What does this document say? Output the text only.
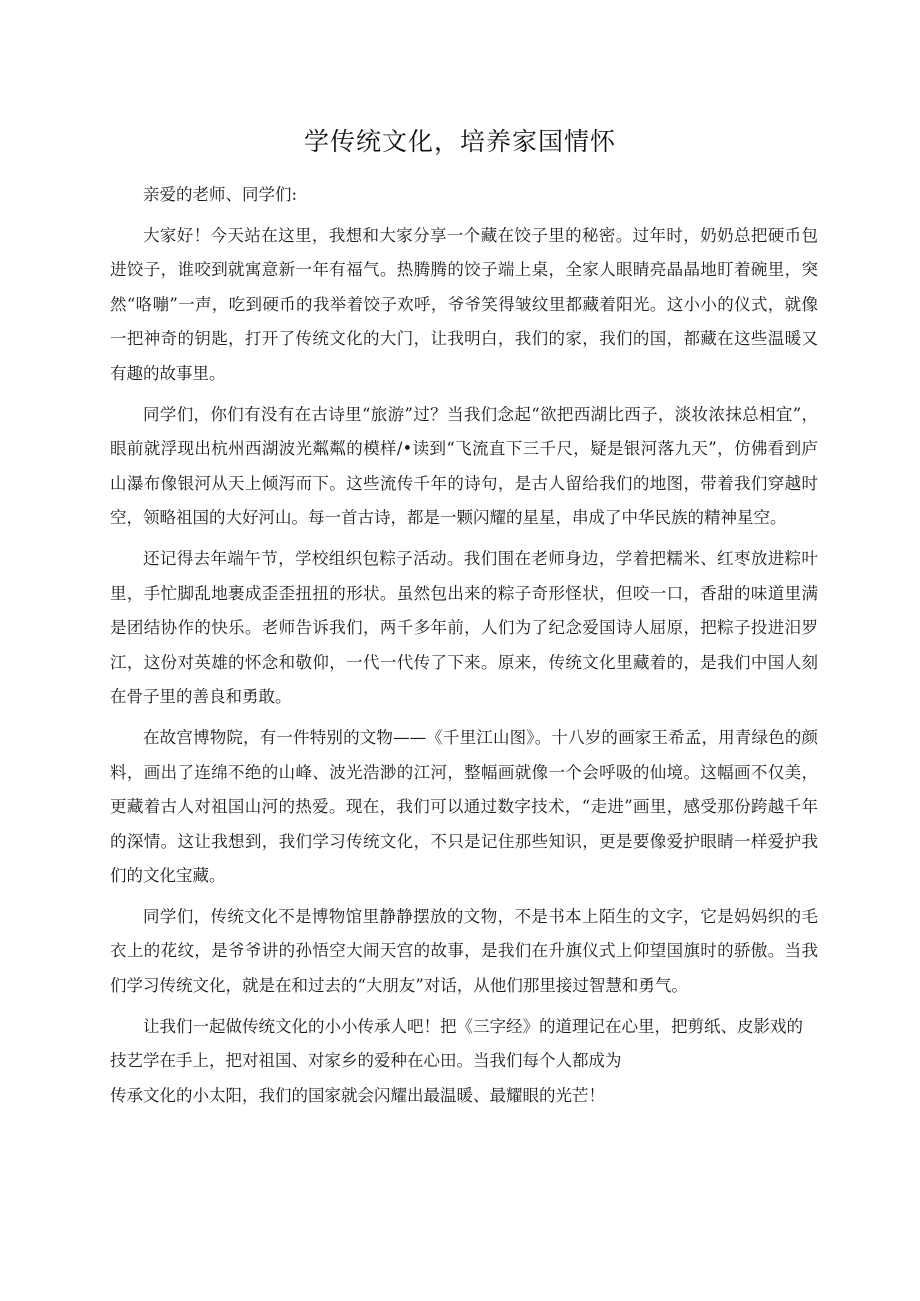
学传统文化，培养家国情怀

亲爱的老师、同学们:

大家好！今天站在这里，我想和大家分享一个藏在饺子里的秘密。过年时，奶奶总把硬币包进饺子，谁咬到就寓意新一年有福气。热腾腾的饺子端上桌，全家人眼睛亮晶晶地盯着碗里，突然“咯嘣”一声，吃到硬币的我举着饺子欢呼，爷爷笑得皱纹里都藏着阳光。这小小的仪式，就像一把神奇的钥匙，打开了传统文化的大门，让我明白，我们的家，我们的国，都藏在这些温暖又有趣的故事里。

同学们，你们有没有在古诗里“旅游”过？当我们念起“欲把西湖比西子，淡妆浓抹总相宜”，眼前就浮现出杭州西湖波光粼粼的模样/•读到“飞流直下三千尺，疑是银河落九天”，仿佛看到庐山瀑布像银河从天上倾泻而下。这些流传千年的诗句，是古人留给我们的地图，带着我们穿越时空，领略祖国的大好河山。每一首古诗，都是一颗闪耀的星星，串成了中华民族的精神星空。

还记得去年端午节，学校组织包粽子活动。我们围在老师身边，学着把糯米、红枣放进粽叶里，手忙脚乱地裹成歪歪扭扭的形状。虽然包出来的粽子奇形怪状，但咬一口，香甜的味道里满是团结协作的快乐。老师告诉我们，两千多年前，人们为了纪念爱国诗人屈原，把粽子投进汨罗江，这份对英雄的怀念和敬仰，一代一代传了下来。原来，传统文化里藏着的，是我们中国人刻在骨子里的善良和勇敢。

在故宫博物院，有一件特别的文物——《千里江山图》。十八岁的画家王希孟，用青绿色的颜料，画出了连绵不绝的山峰、波光浩渺的江河，整幅画就像一个会呼吸的仙境。这幅画不仅美，更藏着古人对祖国山河的热爱。现在，我们可以通过数字技术，“走进”画里，感受那份跨越千年的深情。这让我想到，我们学习传统文化，不只是记住那些知识，更是要像爱护眼睛一样爱护我们的文化宝藏。

同学们，传统文化不是博物馆里静静摆放的文物，不是书本上陌生的文字，它是妈妈织的毛衣上的花纹，是爷爷讲的孙悟空大闹天宫的故事，是我们在升旗仪式上仰望国旗时的骄傲。当我们学习传统文化，就是在和过去的“大朋友”对话，从他们那里接过智慧和勇气。

让我们一起做传统文化的小小传承人吧！把《三字经》的道理记在心里，把剪纸、皮影戏的技艺学在手上，把对祖国、对家乡的爱种在心田。当我们每个人都成为

传承文化的小太阳，我们的国家就会闪耀出最温暖、最耀眼的光芒！
